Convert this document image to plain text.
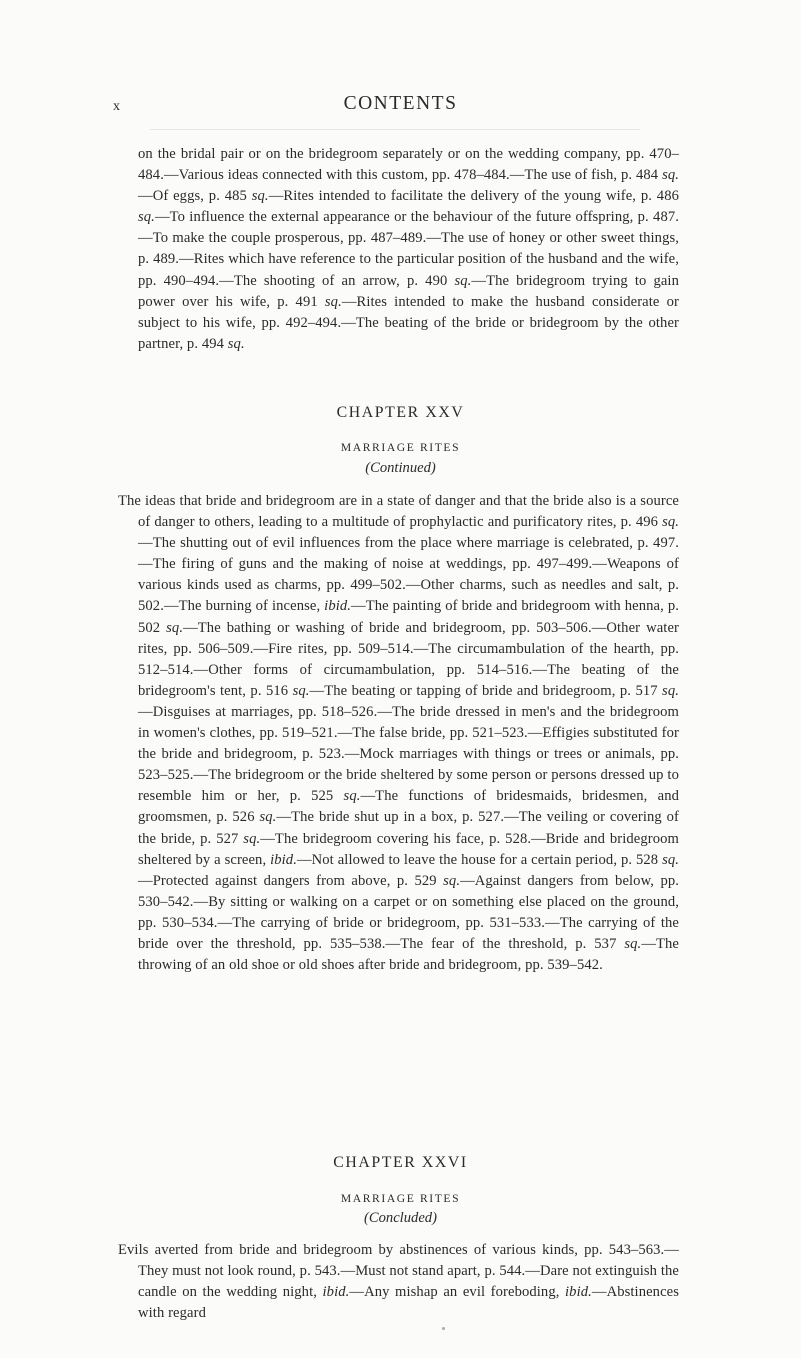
x	CONTENTS

on the bridal pair or on the bridegroom separately or on the wedding company, pp. 470–484.—Various ideas connected with this custom, pp. 478–484.—The use of fish, p. 484 sq.—Of eggs, p. 485 sq.—Rites intended to facilitate the delivery of the young wife, p. 486 sq.—To influence the external appearance or the behaviour of the future offspring, p. 487.—To make the couple prosperous, pp. 487–489.—The use of honey or other sweet things, p. 489.—Rites which have reference to the particular position of the husband and the wife, pp. 490–494.—The shooting of an arrow, p. 490 sq.—The bridegroom trying to gain power over his wife, p. 491 sq.—Rites intended to make the husband considerate or subject to his wife, pp. 492–494.—The beating of the bride or bridegroom by the other partner, p. 494 sq.

CHAPTER XXV
MARRIAGE RITES
(Continued)

The ideas that bride and bridegroom are in a state of danger and that the bride also is a source of danger to others, leading to a multitude of prophylactic and purificatory rites, p. 496 sq.—The shutting out of evil influences from the place where marriage is celebrated, p. 497.—The firing of guns and the making of noise at weddings, pp. 497–499.—Weapons of various kinds used as charms, pp. 499–502.—Other charms, such as needles and salt, p. 502.—The burning of incense, ibid.—The painting of bride and bridegroom with henna, p. 502 sq.—The bathing or washing of bride and bridegroom, pp. 503–506.—Other water rites, pp. 506–509.—Fire rites, pp. 509–514.—The circumambulation of the hearth, pp. 512–514.—Other forms of circumambulation, pp. 514–516.—The beating of the bridegroom's tent, p. 516 sq.—The beating or tapping of bride and bridegroom, p. 517 sq.—Disguises at marriages, pp. 518–526.—The bride dressed in men's and the bridegroom in women's clothes, pp. 519–521.—The false bride, pp. 521–523.—Effigies substituted for the bride and bridegroom, p. 523.—Mock marriages with things or trees or animals, pp. 523–525.—The bridegroom or the bride sheltered by some person or persons dressed up to resemble him or her, p. 525 sq.—The functions of bridesmaids, bridesmen, and groomsmen, p. 526 sq.—The bride shut up in a box, p. 527.—The veiling or covering of the bride, p. 527 sq.—The bridegroom covering his face, p. 528.—Bride and bridegroom sheltered by a screen, ibid.—Not allowed to leave the house for a certain period, p. 528 sq.—Protected against dangers from above, p. 529 sq.—Against dangers from below, pp. 530–542.—By sitting or walking on a carpet or on something else placed on the ground, pp. 530–534.—The carrying of bride or bridegroom, pp. 531–533.—The carrying of the bride over the threshold, pp. 535–538.—The fear of the threshold, p. 537 sq.—The throwing of an old shoe or old shoes after bride and bridegroom, pp. 539–542.

CHAPTER XXVI
MARRIAGE RITES
(Concluded)

Evils averted from bride and bridegroom by abstinences of various kinds, pp. 543–563.—They must not look round, p. 543.—Must not stand apart, p. 544.—Dare not extinguish the candle on the wedding night, ibid.—Any mishap an evil foreboding, ibid.—Abstinences with regard
